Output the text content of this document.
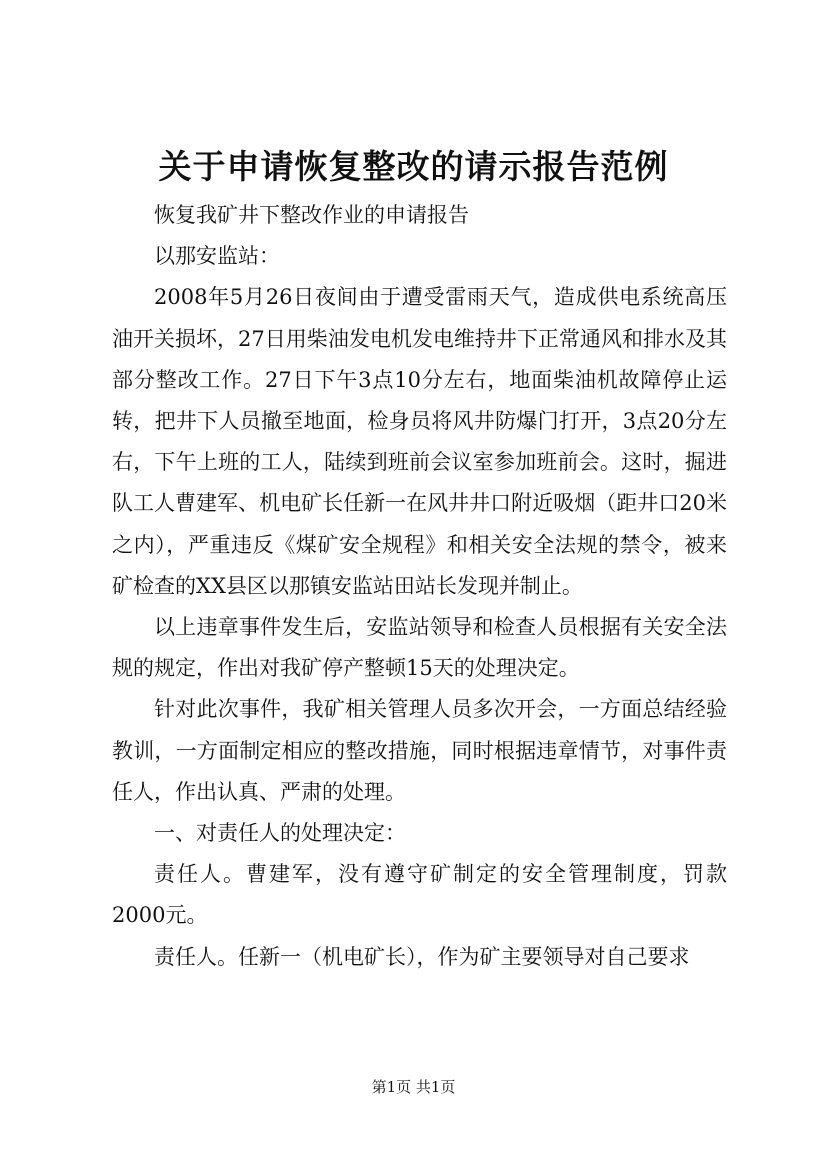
关于申请恢复整改的请示报告范例

恢复我矿井下整改作业的申请报告

以那安监站：

2008年5月26日夜间由于遭受雷雨天气，造成供电系统高压油开关损坏，27日用柴油发电机发电维持井下正常通风和排水及其部分整改工作。27日下午3点10分左右，地面柴油机故障停止运转，把井下人员撤至地面，检身员将风井防爆门打开，3点20分左右，下午上班的工人，陆续到班前会议室参加班前会。这时，掘进队工人曹建军、机电矿长任新一在风井井口附近吸烟（距井口20米之内），严重违反《煤矿安全规程》和相关安全法规的禁令，被来矿检查的XX县区以那镇安监站田站长发现并制止。

以上违章事件发生后，安监站领导和检查人员根据有关安全法规的规定，作出对我矿停产整顿15天的处理决定。

针对此次事件，我矿相关管理人员多次开会，一方面总结经验教训，一方面制定相应的整改措施，同时根据违章情节，对事件责任人，作出认真、严肃的处理。

一、对责任人的处理决定：

责任人。曹建军，没有遵守矿制定的安全管理制度，罚款2000元。

责任人。任新一（机电矿长），作为矿主要领导对自己要求

第1页 共1页
